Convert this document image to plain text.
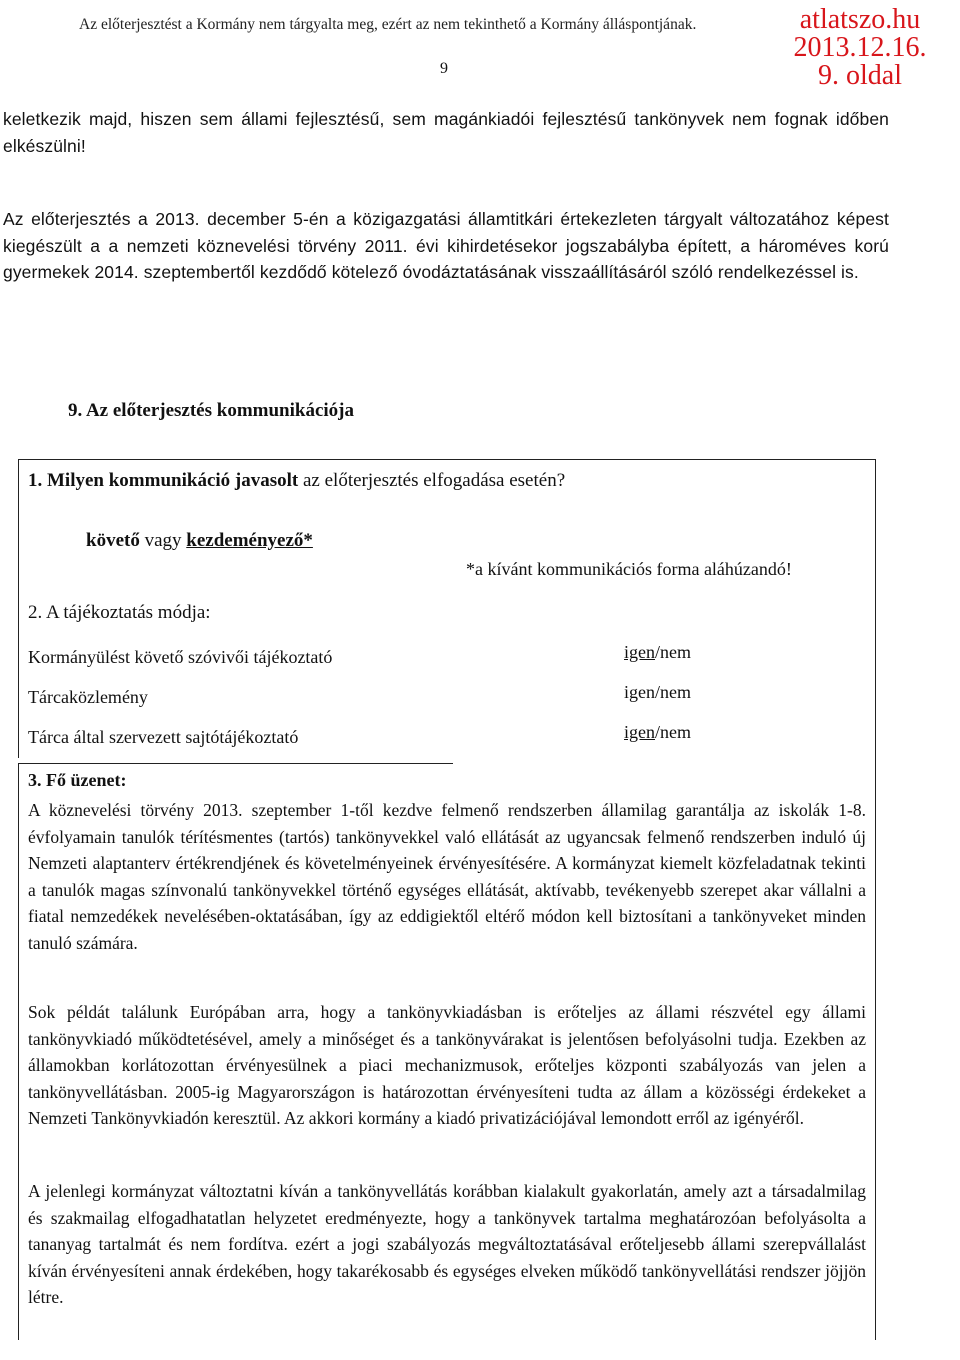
Az előterjesztést a Kormány nem tárgyalta meg, ezért az nem tekinthető a Kormány álláspontjának.	atlatszo.hu
2013.12.16.
9. oldal
9
keletkezik majd, hiszen sem állami fejlesztésű, sem magánkiadói fejlesztésű tankönyvek nem fognak időben elkészülni!
Az előterjesztés a 2013. december 5-én a közigazgatási államtitkári értekezleten tárgyalt változatához képest kiegészült a a nemzeti köznevelési törvény 2011. évi kihirdetésekor jogszabályba épített, a hároméves korú gyermekek 2014. szeptembertől kezdődő kötelező óvodáztatásának visszaállításáról szóló rendelkezéssel is.
9. Az előterjesztés kommunikációja
1. Milyen kommunikáció javasolt az előterjesztés elfogadása esetén?
követő vagy kezdeményező*
*a kívánt kommunikációs forma aláhúzandó!
2. A tájékoztatás módja:
Kormányülést követő szóvivői tájékoztató	igen/nem
Tárcaközlemény	igen/nem
Tárca által szervezett sajtótájékoztató	igen/nem
3. Fő üzenet:
A köznevelési törvény 2013. szeptember 1-től kezdve felmenő rendszerben államilag garantálja az iskolák 1-8. évfolyamain tanulók térítésmentes (tartós) tankönyvekkel való ellátását az ugyancsak felmenő rendszerben induló új Nemzeti alaptanterv értékrendjének és követelményeinek érvényesítésére. A kormányzat kiemelt közfeladatnak tekinti a tanulók magas színvonalú tankönyvekkel történő egységes ellátását, aktívabb, tevékenyebb szerepet akar vállalni a fiatal nemzedékek nevelésében-oktatásában, így az eddigiektől eltérő módon kell biztosítani a tankönyveket minden tanuló számára.
Sok példát találunk Európában arra, hogy a tankönyvkiadásban is erőteljes az állami részvétel egy állami tankönyvkiadó működtetésével, amely a minőséget és a tankönyvárakat is jelentősen befolyásolni tudja. Ezekben az államokban korlátozottan érvényesülnek a piaci mechanizmusok, erőteljes központi szabályozás van jelen a tankönyvellátásban. 2005-ig Magyarországon is határozottan érvényesíteni tudta az állam a közösségi érdekeket a Nemzeti Tankönyvkiadón keresztül. Az akkori kormány a kiadó privatizációjával lemondott erről az igényéről.
A jelenlegi kormányzat változtatni kíván a tankönyvellátás korábban kialakult gyakorlatán, amely azt a társadalmilag és szakmailag elfogadhatatlan helyzetet eredményezte, hogy a tankönyvek tartalma meghatározóan befolyásolta a tananyag tartalmát és nem fordítva. ezért a jogi szabályozás megváltoztatásával erőteljesebb állami szerepvállalást kíván érvényesíteni annak érdekében, hogy takarékosabb és egységes elveken működő tankönyvellátási rendszer jöjjön létre.
